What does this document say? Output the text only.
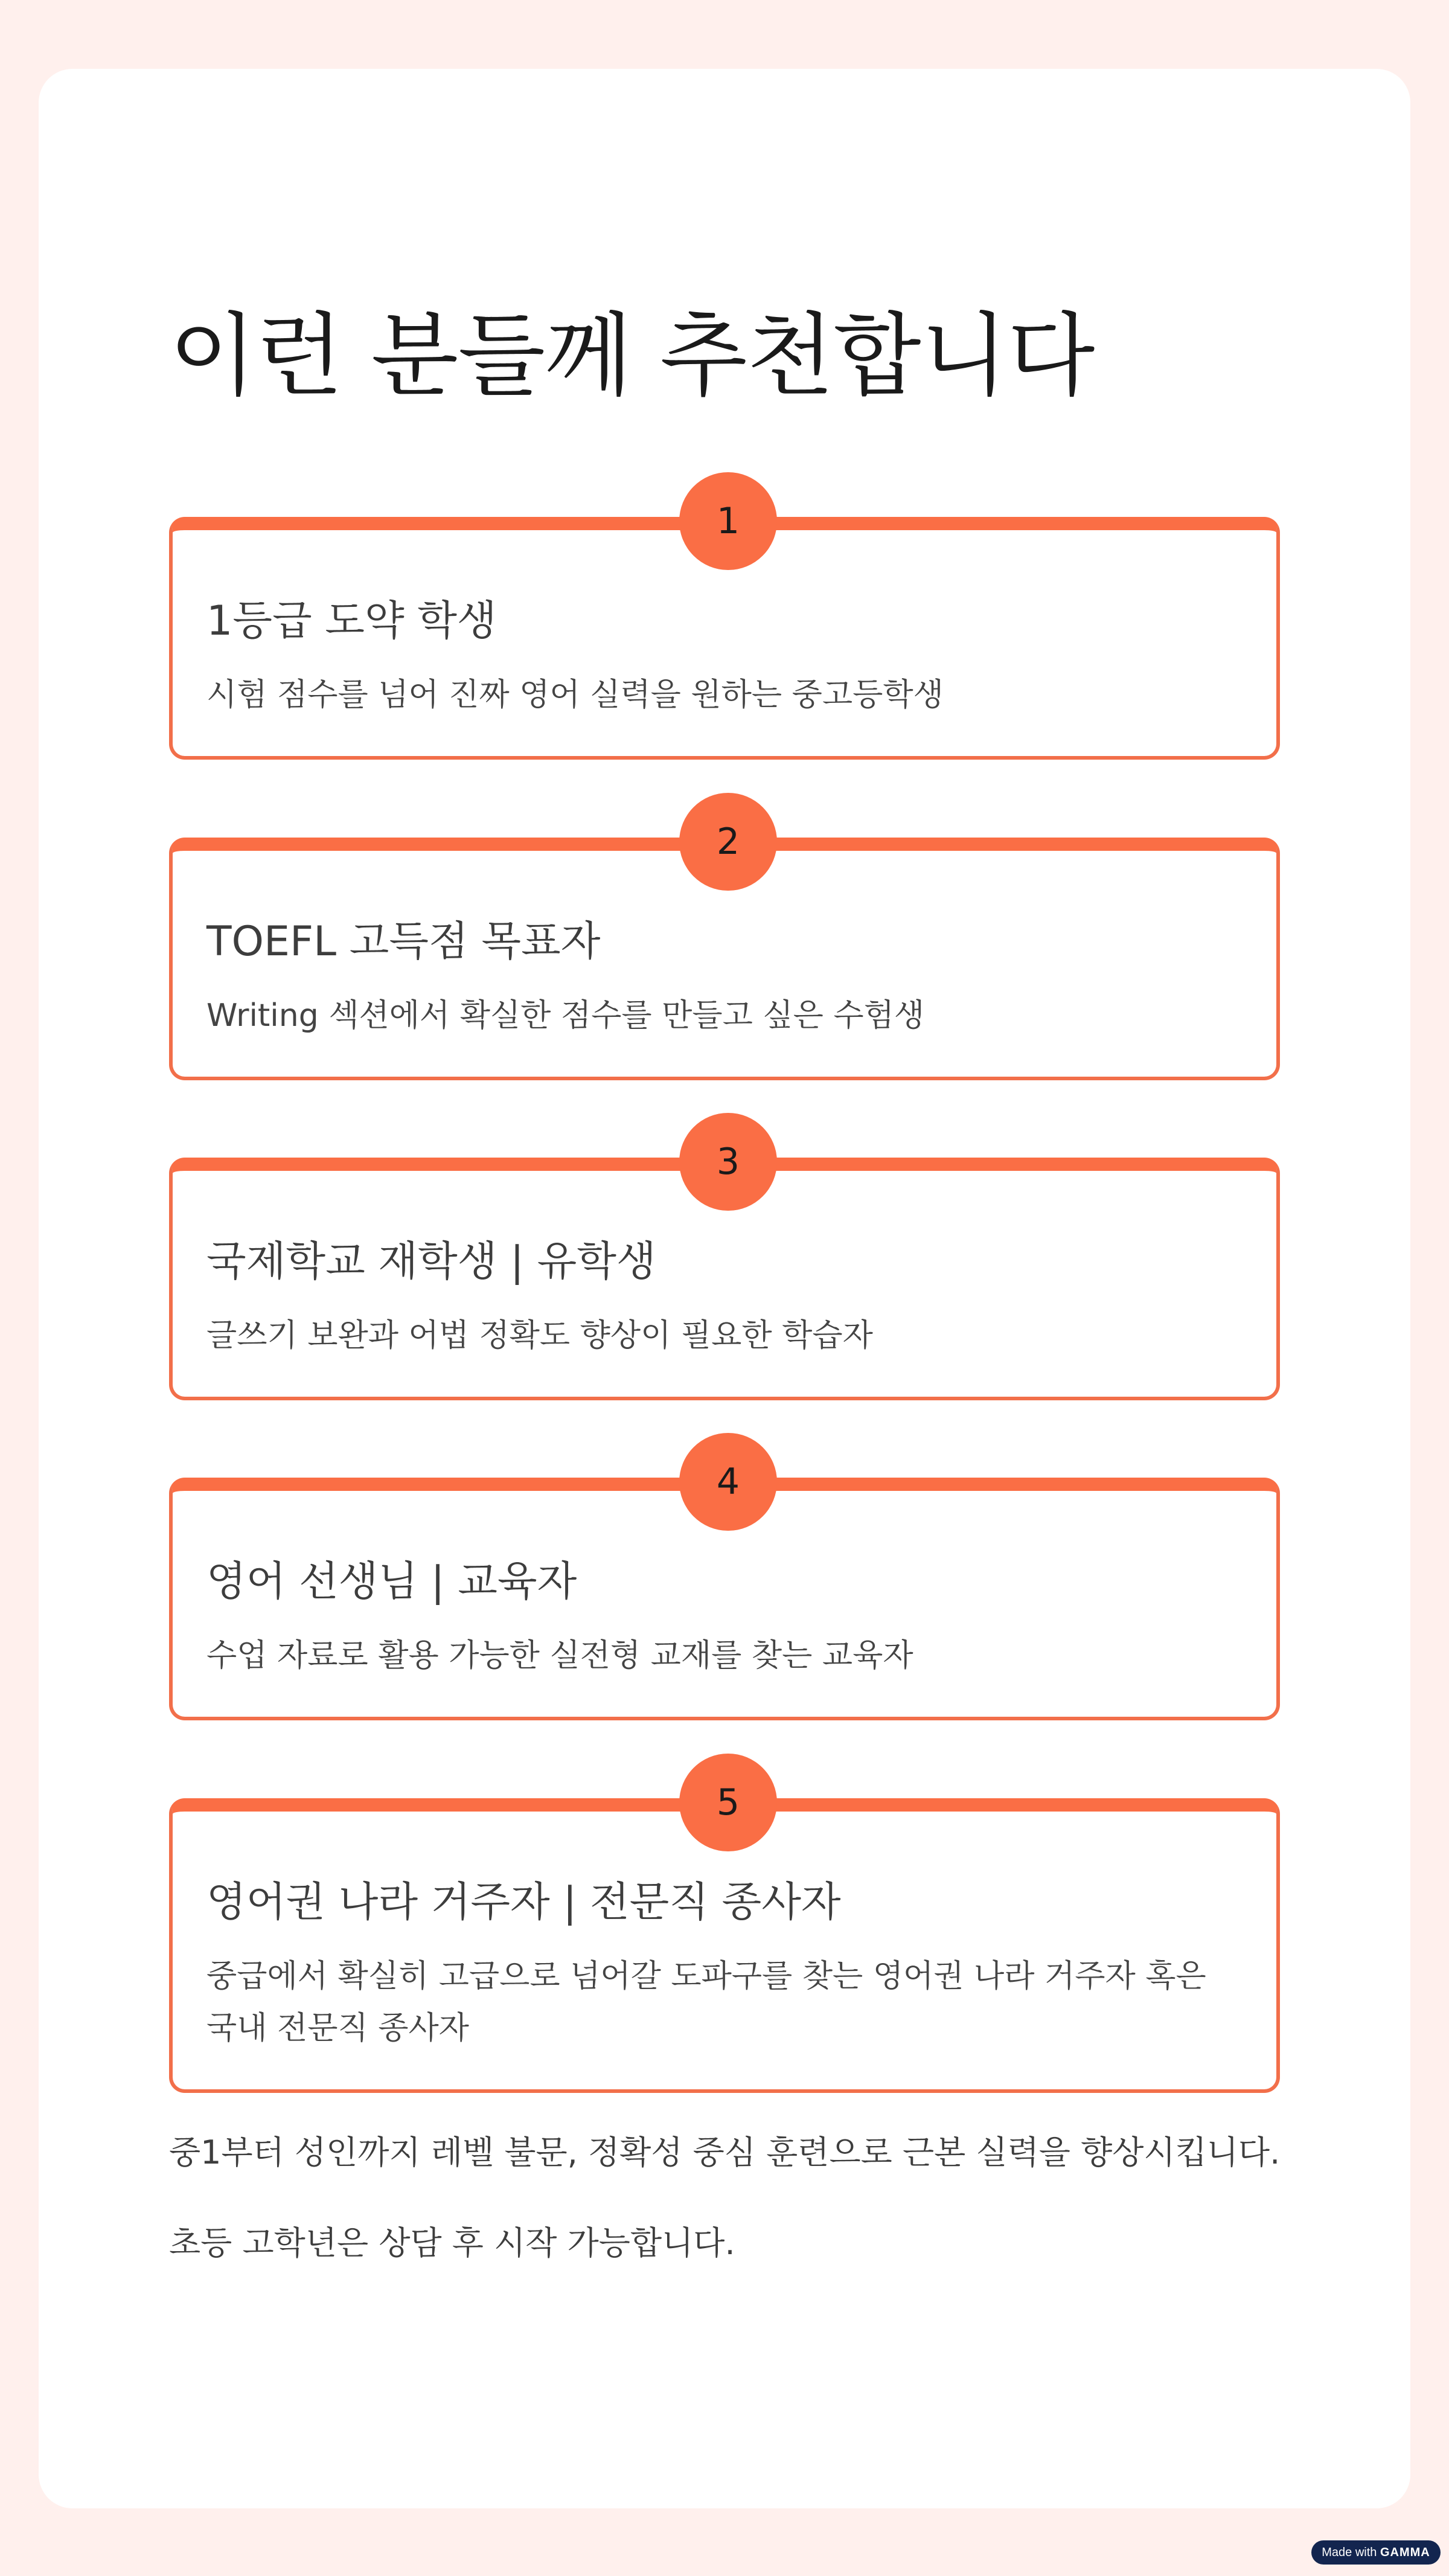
이런 분들께 추천합니다
1
1등급 도약 학생

시험 점수를 넘어 진짜 영어 실력을 원하는 중고등학생

2
TOEFL 고득점 목표자

Writing 섹션에서 확실한 점수를 만들고 싶은 수험생

3
국제학교 재학생 | 유학생

글쓰기 보완과 어법 정확도 향상이 필요한 학습자

4
영어 선생님 | 교육자

수업 자료로 활용 가능한 실전형 교재를 찾는 교육자

5
영어권 나라 거주자 | 전문직 종사자

중급에서 확실히 고급으로 넘어갈 도파구를 찾는 영어권 나라 거주자 혹은 국내 전문직 종사자

중1부터 성인까지 레벨 불문, 정확성 중심 훈련으로 근본 실력을 향상시킵니다.

초등 고학년은 상담 후 시작 가능합니다.

Made with GAMMA
